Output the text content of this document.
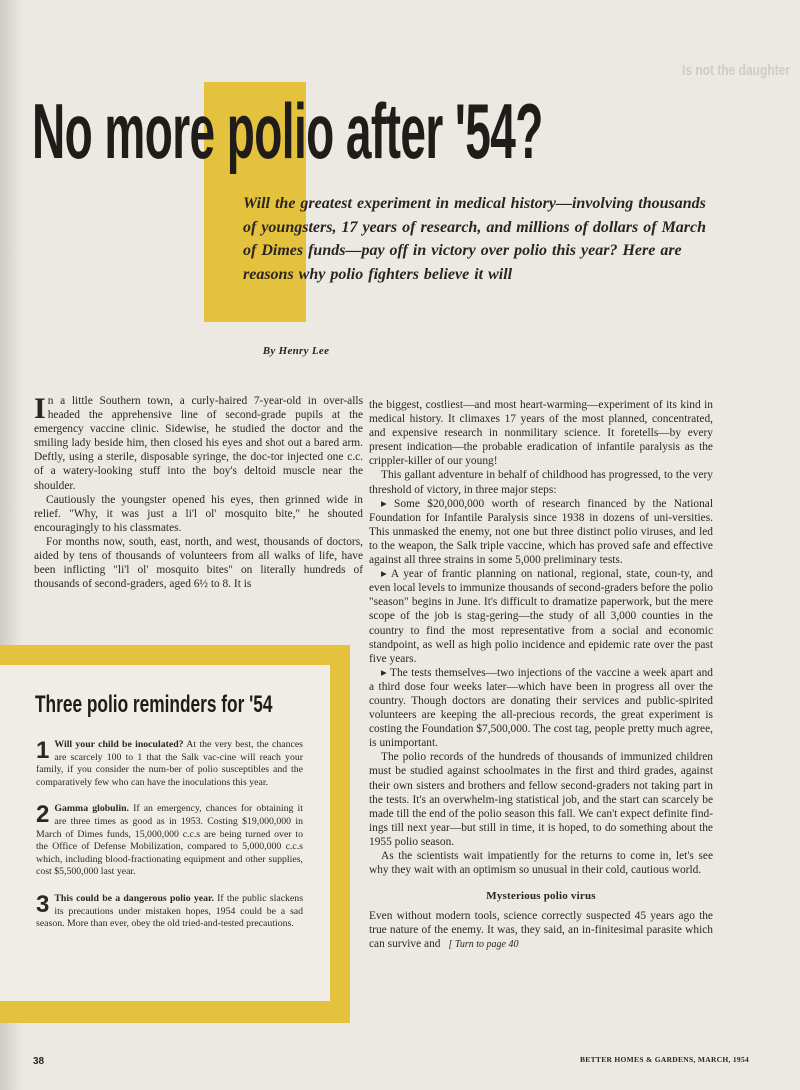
Is not the daughter
No more polio after '54?

Will the greatest experiment in medical history—involving thousands of youngsters, 17 years of research, and millions of dollars of March of Dimes funds—pay off in victory over polio this year? Here are reasons why polio fighters believe it will

By Henry Lee

In a little Southern town, a curly-haired 7-year-old in over-alls headed the apprehensive line of second-grade pupils at the emergency vaccine clinic. Sidewise, he studied the doctor and the smiling lady beside him, then closed his eyes and shot out a bared arm. Deftly, using a sterile, disposable syringe, the doc-tor injected one c.c. of a watery-looking stuff into the boy's deltoid muscle near the shoulder.

Cautiously the youngster opened his eyes, then grinned wide in relief. "Why, it was just a li'l ol' mosquito bite," he shouted encouragingly to his classmates.

For months now, south, east, north, and west, thousands of doctors, aided by tens of thousands of volunteers from all walks of life, have been inflicting "li'l ol' mosquito bites" on literally hundreds of thousands of second-graders, aged 6½ to 8. It is

the biggest, costliest—and most heart-warming—experiment of its kind in medical history. It climaxes 17 years of the most planned, concentrated, and expensive research in nonmilitary science. It foretells—by every present indication—the probable eradication of infantile paralysis as the crippler-killer of our young!

This gallant adventure in behalf of childhood has progressed, to the very threshold of victory, in three major steps:

▸ Some $20,000,000 worth of research financed by the National Foundation for Infantile Paralysis since 1938 in dozens of uni-versities. This unmasked the enemy, not one but three distinct polio viruses, and led to the weapon, the Salk triple vaccine, which has proved safe and effective against all three strains in some 5,000 preliminary tests.

▸ A year of frantic planning on national, regional, state, coun-ty, and even local levels to immunize thousands of second-graders before the polio "season" begins in June. It's difficult to dramatize paperwork, but the mere scope of the job is stag-gering—the study of all 3,000 counties in the country to find the most representative from a social and economic standpoint, as well as high polio incidence and epidemic rate over the past five years.

▸ The tests themselves—two injections of the vaccine a week apart and a third dose four weeks later—which have been in progress all over the country. Though doctors are donating their services and public-spirited volunteers are keeping the all-precious records, the great experiment is costing the Foundation $7,500,000. The cost tag, people pretty much agree, is unimportant.

The polio records of the hundreds of thousands of immunized children must be studied against schoolmates in the first and third grades, against their own sisters and brothers and fellow second-graders not taking part in the tests. It's an overwhelm-ing statistical job, and the start can scarcely be made till the end of the polio season this fall. We can't expect definite find-ings till next year—but still in time, it is hoped, to do something about the 1955 polio season.

As the scientists wait impatiently for the returns to come in, let's see why they wait with an optimism so unusual in their cold, cautious world.

Mysterious polio virus

Even without modern tools, science correctly suspected 45 years ago the true nature of the enemy. It was, they said, an in-finitesimal parasite which can survive and [ Turn to page 40

Three polio reminders for '54

1 Will your child be inoculated? At the very best, the chances are scarcely 100 to 1 that the Salk vac-cine will reach your family, if you consider the num-ber of polio susceptibles and the comparatively few who can have the inoculations this year.

2 Gamma globulin. If an emergency, chances for obtaining it are three times as good as in 1953. Costing $19,000,000 in March of Dimes funds, 15,000,000 c.c.s are being turned over to the Office of Defense Mobilization, compared to 5,000,000 c.c.s which, including blood-fractionating equipment and other supplies, cost $5,500,000 last year.

3 This could be a dangerous polio year. If the public slackens its precautions under mistaken hopes, 1954 could be a sad season. More than ever, obey the old tried-and-tested precautions.

38	BETTER HOMES & GARDENS, MARCH, 1954
